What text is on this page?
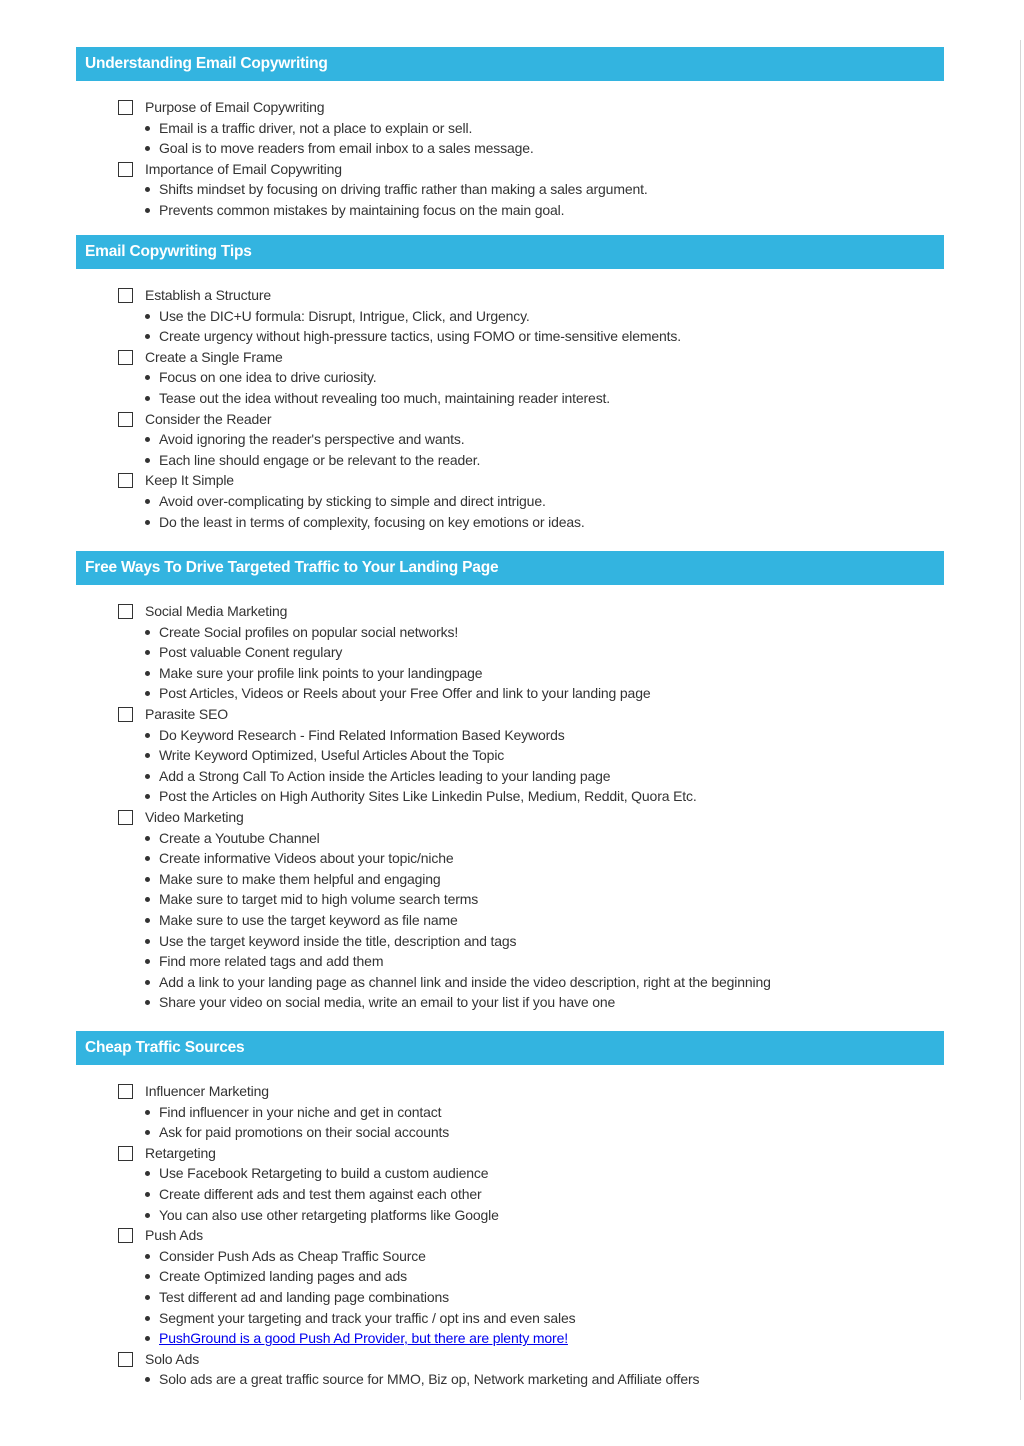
Understanding Email Copywriting
Purpose of Email Copywriting
Email is a traffic driver, not a place to explain or sell.
Goal is to move readers from email inbox to a sales message.
Importance of Email Copywriting
Shifts mindset by focusing on driving traffic rather than making a sales argument.
Prevents common mistakes by maintaining focus on the main goal.
Email Copywriting Tips
Establish a Structure
Use the DIC+U formula: Disrupt, Intrigue, Click, and Urgency.
Create urgency without high-pressure tactics, using FOMO or time-sensitive elements.
Create a Single Frame
Focus on one idea to drive curiosity.
Tease out the idea without revealing too much, maintaining reader interest.
Consider the Reader
Avoid ignoring the reader's perspective and wants.
Each line should engage or be relevant to the reader.
Keep It Simple
Avoid over-complicating by sticking to simple and direct intrigue.
Do the least in terms of complexity, focusing on key emotions or ideas.
Free Ways To Drive Targeted Traffic to Your Landing Page
Social Media Marketing
Create Social profiles on popular social networks!
Post valuable Conent regulary
Make sure your profile link points to your landingpage
Post Articles, Videos or Reels about your Free Offer and link to your landing page
Parasite SEO
Do Keyword Research - Find Related Information Based Keywords
Write Keyword Optimized, Useful Articles About the Topic
Add a Strong Call To Action inside the Articles leading to your landing page
Post the Articles on High Authority Sites Like Linkedin Pulse, Medium, Reddit, Quora Etc.
Video Marketing
Create a Youtube Channel
Create informative Videos about your topic/niche
Make sure to make them helpful and engaging
Make sure to target mid to high volume search terms
Make sure to use the target keyword as file name
Use the target keyword inside the title, description and tags
Find more related tags and add them
Add a link to your landing page as channel link and inside the video description, right at the beginning
Share your video on social media, write an email to your list if you have one
Cheap Traffic Sources
Influencer Marketing
Find influencer in your niche and get in contact
Ask for paid promotions on their social accounts
Retargeting
Use Facebook Retargeting to build a custom audience
Create different ads and test them against each other
You can also use other retargeting platforms like Google
Push Ads
Consider Push Ads as Cheap Traffic Source
Create Optimized landing pages and ads
Test different ad and landing page combinations
Segment your targeting and track your traffic / opt ins and even sales
PushGround is a good Push Ad Provider, but there are plenty more!
Solo Ads
Solo ads are a great traffic source for MMO, Biz op, Network marketing and Affiliate offers
